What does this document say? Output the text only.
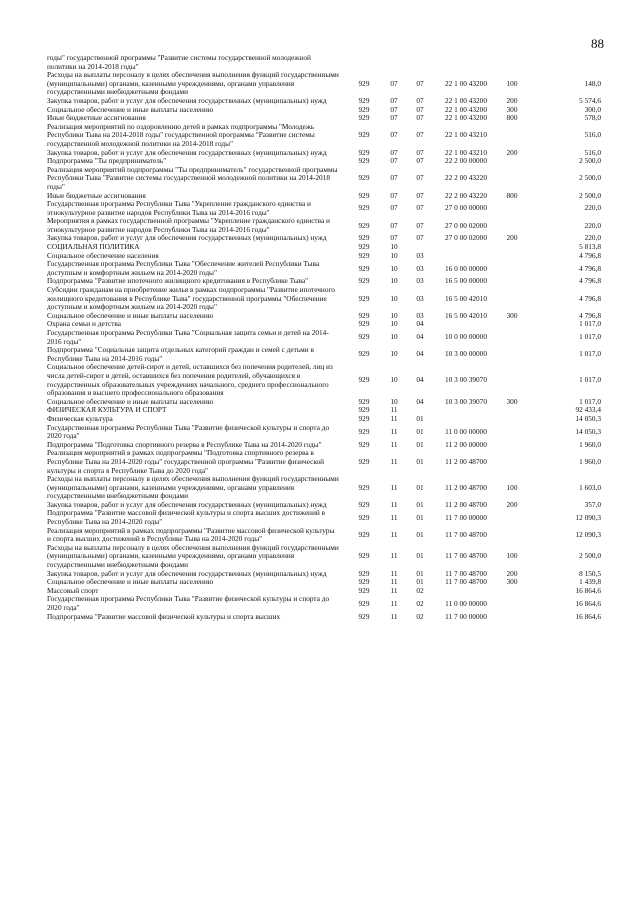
88
годы" государственной программы "Развитие системы государственной молодежной политики на 2014-2018 годы"						
Расходы на выплаты персоналу в целях обеспечения выполнения функций государственными (муниципальными) органами, казенными учреждениями, органами управления государственными внебюджетными фондами	929	07	07	22 1 00 43200	100	148,0
Закупка товаров, работ и услуг для обеспечения государственных (муниципальных) нужд	929	07	07	22 1 00 43200	200	5 574,6
Социальное обеспечение и иные выплаты населению	929	07	07	22 1 00 43200	300	300,0
Иные бюджетные ассигнования	929	07	07	22 1 00 43200	800	578,0
Реализация мероприятий по оздоровлению детей в рамках подпрограммы "Молодежь Республики Тыва на 2014-2018 годы" государственной программы "Развитие системы государственной молодежной политики на 2014-2018 годы"	929	07	07	22 1 00 43210		516,0
Закупка товаров, работ и услуг для обеспечения государственных (муниципальных) нужд	929	07	07	22 1 00 43210	200	516,0
Подпрограмма "Ты предприниматель"	929	07	07	22 2 00 00000		2 500,0
Реализация мероприятий подпрограммы "Ты предприниматель" государственной программы Республики Тыва "Развитие системы государственной молодежной политики на 2014-2018 годы"	929	07	07	22 2 00 43220		2 500,0
Иные бюджетные ассигнования	929	07	07	22 2 00 43220	800	2 500,0
Государственная программа Республики Тыва "Укрепление гражданского единства и этнокультурное развитие народов Республики Тыва на 2014-2016 годы"	929	07	07	27 0 00 00000		220,0
Мероприятия в рамках государственной программы "Укрепление гражданского единства и этнокультурное развитие народов Республики Тыва на 2014-2016 годы"	929	07	07	27 0 00 02000		220,0
Закупка товаров, работ и услуг для обеспечения государственных (муниципальных) нужд	929	07	07	27 0 00 02000	200	220,0
СОЦИАЛЬНАЯ ПОЛИТИКА	929	10				5 813,8
Социальное обеспечение населения	929	10	03			4 796,8
Государственная программа Республики Тыва "Обеспечение жителей Республики Тыва доступным и комфортным жильем на 2014-2020 годы"	929	10	03	16 0 00 00000		4 796,8
Подпрограмма "Развитие ипотечного жилищного кредитования в Республике Тыва"	929	10	03	16 5 00 00000		4 796,8
Субсидии гражданам на приобретение жилья в рамках подпрограммы "Развитие ипотечного жилищного кредитования в Республике Тыва" государственной программы "Обеспечение доступным и комфортным жильем на 2014-2020 годы"	929	10	03	16 5 00 42010		4 796,8
Социальное обеспечение и иные выплаты населению	929	10	03	16 5 00 42010	300	4 796,8
Охрана семьи и детства	929	10	04			1 017,0
Государственная программа Республики Тыва "Социальная защита семьи и детей на 2014-2016 годы"	929	10	04	10 0 00 00000		1 017,0
Подпрограмма "Социальная защита отдельных категорий граждан и семей с детьми в Республике Тыва на 2014-2016 годы"	929	10	04	10 3 00 00000		1 017,0
Социальное обеспечение детей-сирот и детей, оставшихся без попечения родителей, лиц из числа детей-сирот и детей, оставшихся без попечения родителей, обучающихся в государственных образовательных учреждениях начального, среднего профессионального образования и высшего профессионального образования	929	10	04	10 3 00 39070		1 017,0
Социальное обеспечение и иные выплаты населению	929	10	04	10 3 00 39070	300	1 017,0
ФИЗИЧЕСКАЯ КУЛЬТУРА И СПОРТ	929	11				92 433,4
Физическая культура	929	11	01			14 050,3
Государственная программа Республики Тыва "Развитие физической культуры и спорта до 2020 года"	929	11	01	11 0 00 00000		14 050,3
Подпрограмма "Подготовка спортивного резерва в Республике Тыва на 2014-2020 годы"	929	11	01	11 2 00 00000		1 960,0
Реализация мероприятий в рамках подпрограммы "Подготовка спортивного резерва в Республике Тыва на 2014-2020 годы" государственной программы "Развитие физической культуры и спорта в Республике Тыва до 2020 года"	929	11	01	11 2 00 48700		1 960,0
Расходы на выплаты персоналу в целях обеспечения выполнения функций государственными (муниципальными) органами, казенными учреждениями, органами управления государственными внебюджетными фондами	929	11	01	11 2 00 48700	100	1 603,0
Закупка товаров, работ и услуг для обеспечения государственных (муниципальных) нужд	929	11	01	11 2 00 48700	200	357,0
Подпрограмма "Развитие массовой физической культуры и спорта высших достижений в Республике Тыва на 2014-2020 годы"	929	11	01	11 7 00 00000		12 090,3
Реализация мероприятий в рамках подпрограммы "Развитие массовой физической культуры и спорта высших достижений в Республике Тыва на 2014-2020 годы"	929	11	01	11 7 00 48700		12 090,3
Расходы на выплаты персоналу в целях обеспечения выполнения функций государственными (муниципальными) органами, казенными учреждениями, органами управления государственными внебюджетными фондами	929	11	01	11 7 00 48700	100	2 500,0
Закупка товаров, работ и услуг для обеспечения государственных (муниципальных) нужд	929	11	01	11 7 00 48700	200	8 150,5
Социальное обеспечение и иные выплаты населению	929	11	01	11 7 00 48700	300	1 439,8
Массовый спорт	929	11	02			16 864,6
Государственная программа Республики Тыва "Развитие физической культуры и спорта до 2020 года"	929	11	02	11 0 00 00000		16 864,6
Подпрограмма "Развитие массовой физической культуры и спорта высших	929	11	02	11 7 00 00000		16 864,6
